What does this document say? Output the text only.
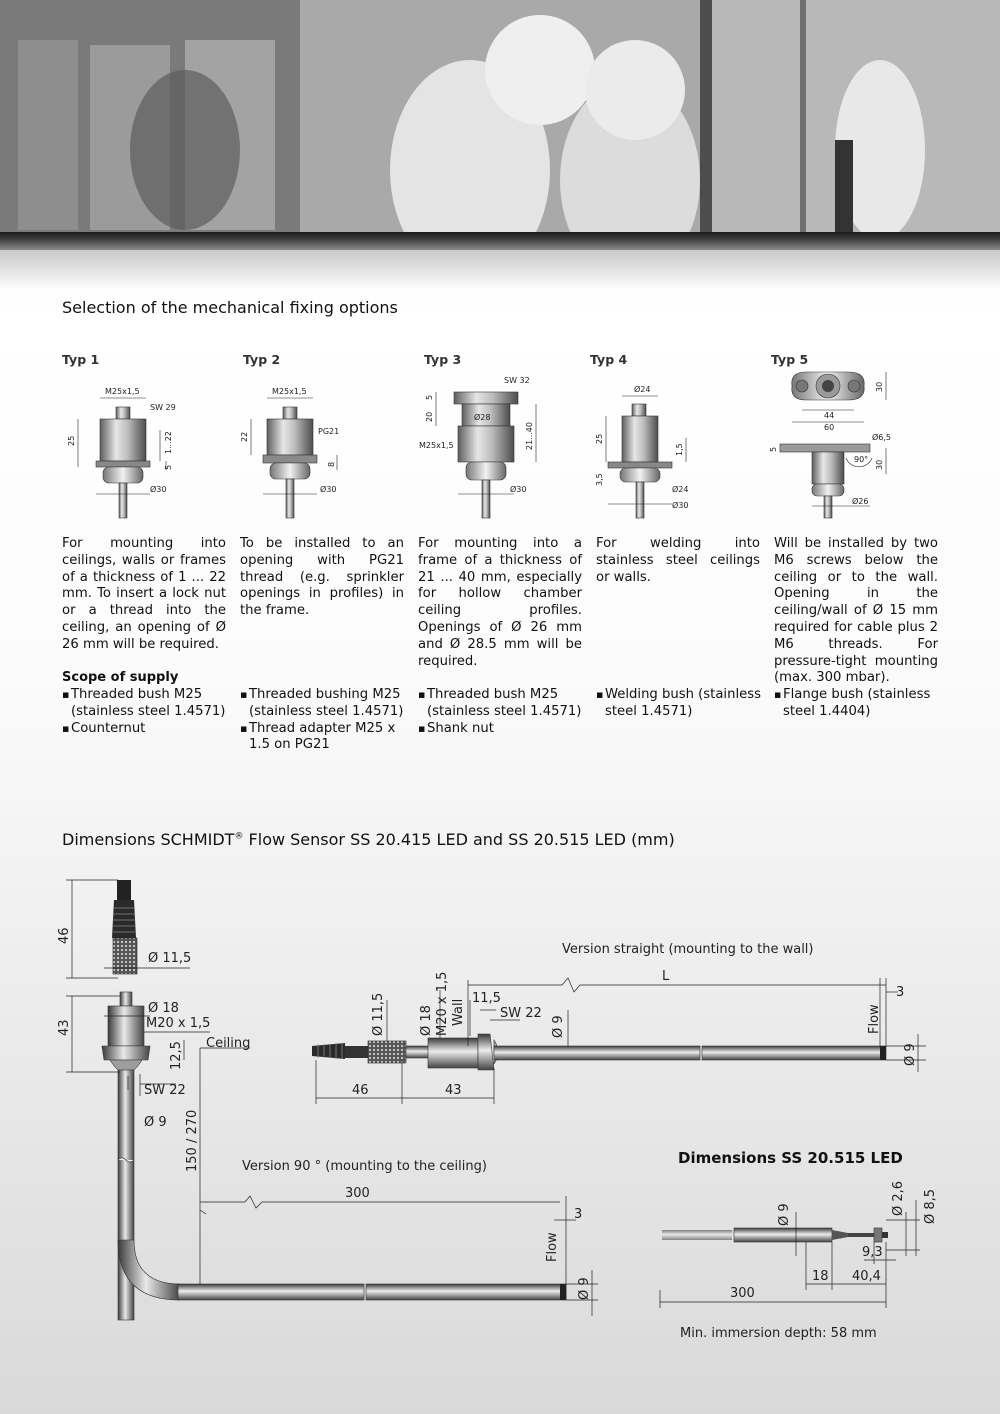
Selection of the mechanical fixing options
Typ 1	Typ 2	Typ 3	Typ 4	Typ 5
M25x1,5
SW 29
25	1...22
5
Ø30
M25x1,5
PG21
22
8
Ø30
SW 32
Ø28
5
20
M25x1,5	21...40
Ø30
Ø24
25
1,5
3,5
Ø24
Ø30
44
60
30
Ø6,5
5
90°
30
Ø26
For mounting into ceilings, walls or frames of a thickness of 1 ... 22 mm. To insert a lock nut or a thread into the ceiling, an opening of Ø 26 mm will be required.
To be installed to an opening with PG21 thread (e.g. sprinkler openings in profiles) in the frame.
For mounting into a frame of a thickness of 21 ... 40 mm, especially for hollow chamber ceiling profiles. Openings of Ø 26 mm and Ø 28.5 mm will be required.
For welding into stainless steel ceilings or walls.
Will be installed by two M6 screws below the ceiling or to the wall. Opening in the ceiling/wall of Ø 15 mm required for cable plus 2 M6 threads. For pressure-tight mounting (max. 300 mbar).
Scope of supply
▪ Threaded bush M25 (stainless steel 1.4571)
▪ Counternut
▪ Threaded bushing M25 (stainless steel 1.4571)
▪ Thread adapter M25 x 1.5 on PG21
▪ Threaded bush M25 (stainless steel 1.4571)
▪ Shank nut
▪ Welding bush (stainless steel 1.4571)
▪ Flange bush (stainless steel 1.4404)
Dimensions SCHMIDT® Flow Sensor SS 20.415 LED and SS 20.515 LED (mm)
46
Ø 11,5
43
Ø 18
M20 x 1,5
Ceiling
12,5
SW 22
Ø 9 150 / 270	Version 90 ° (mounting to the ceiling)
300
Flow
3
Ø 9
Version straight (mounting to the wall)
L
3
Ø 11,5	Ø 18 M20 x 1,5 Wall
11,5
SW 22
Ø 9	Flow
Ø 9
46	43
Ø 9	Ø 2,6 Ø 8,5
9,3
18 40,4
300
Dimensions SS 20.515 LED
Min. immersion depth: 58 mm
